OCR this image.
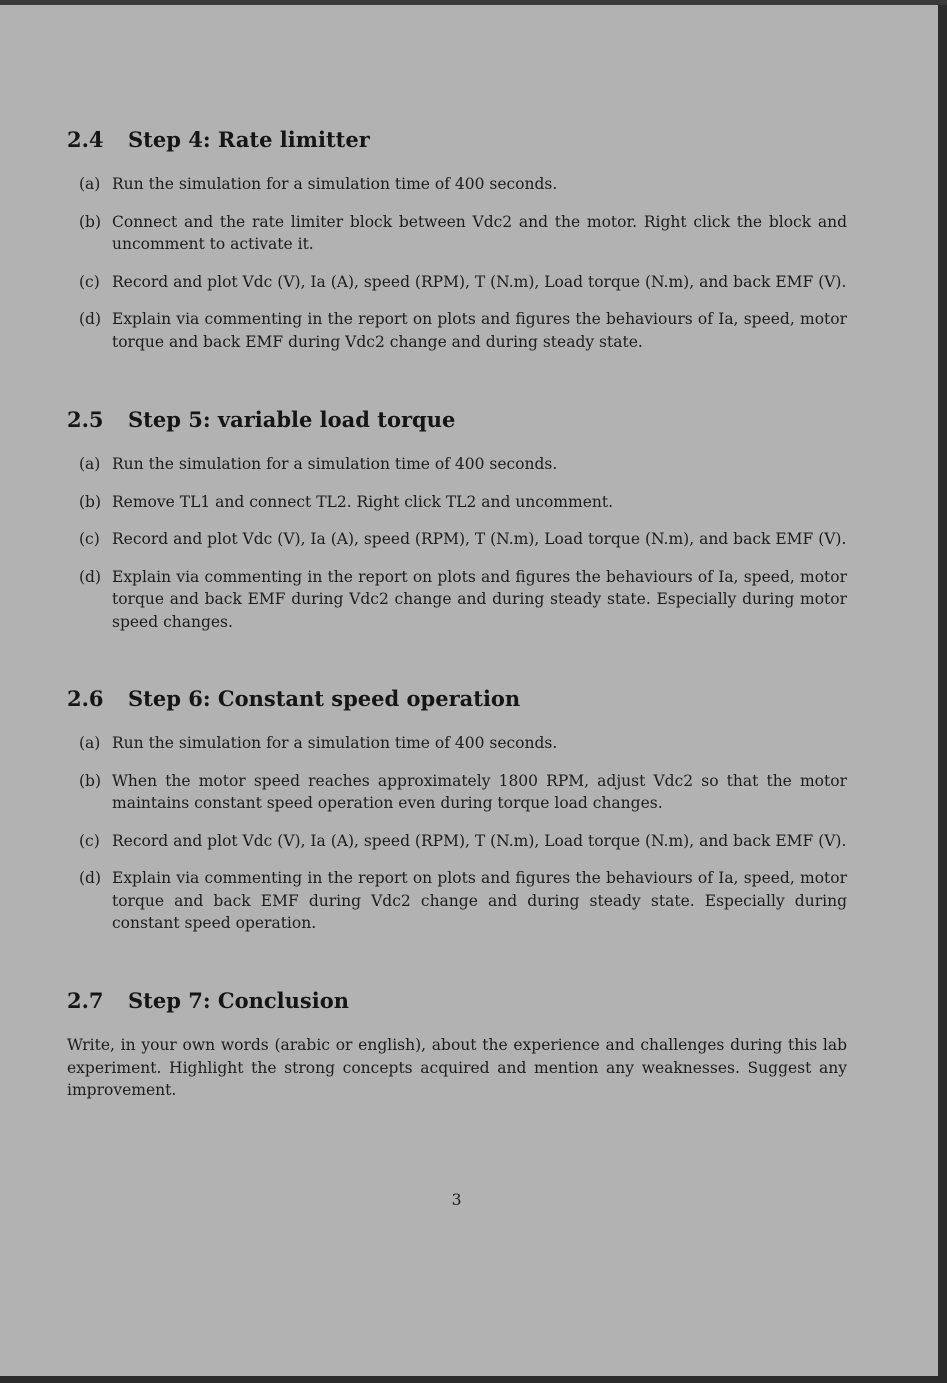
2.4 Step 4: Rate limitter
(a) Run the simulation for a simulation time of 400 seconds.
(b) Connect and the rate limiter block between Vdc2 and the motor. Right click the block and uncomment to activate it.
(c) Record and plot Vdc (V), Ia (A), speed (RPM), T (N.m), Load torque (N.m), and back EMF (V).
(d) Explain via commenting in the report on plots and figures the behaviours of Ia, speed, motor torque and back EMF during Vdc2 change and during steady state.
2.5 Step 5: variable load torque
(a) Run the simulation for a simulation time of 400 seconds.
(b) Remove TL1 and connect TL2. Right click TL2 and uncomment.
(c) Record and plot Vdc (V), Ia (A), speed (RPM), T (N.m), Load torque (N.m), and back EMF (V).
(d) Explain via commenting in the report on plots and figures the behaviours of Ia, speed, motor torque and back EMF during Vdc2 change and during steady state. Especially during motor speed changes.
2.6 Step 6: Constant speed operation
(a) Run the simulation for a simulation time of 400 seconds.
(b) When the motor speed reaches approximately 1800 RPM, adjust Vdc2 so that the motor maintains constant speed operation even during torque load changes.
(c) Record and plot Vdc (V), Ia (A), speed (RPM), T (N.m), Load torque (N.m), and back EMF (V).
(d) Explain via commenting in the report on plots and figures the behaviours of Ia, speed, motor torque and back EMF during Vdc2 change and during steady state. Especially during constant speed operation.
2.7 Step 7: Conclusion

Write, in your own words (arabic or english), about the experience and challenges during this lab experiment. Highlight the strong concepts acquired and mention any weaknesses. Suggest any improvement.

3
